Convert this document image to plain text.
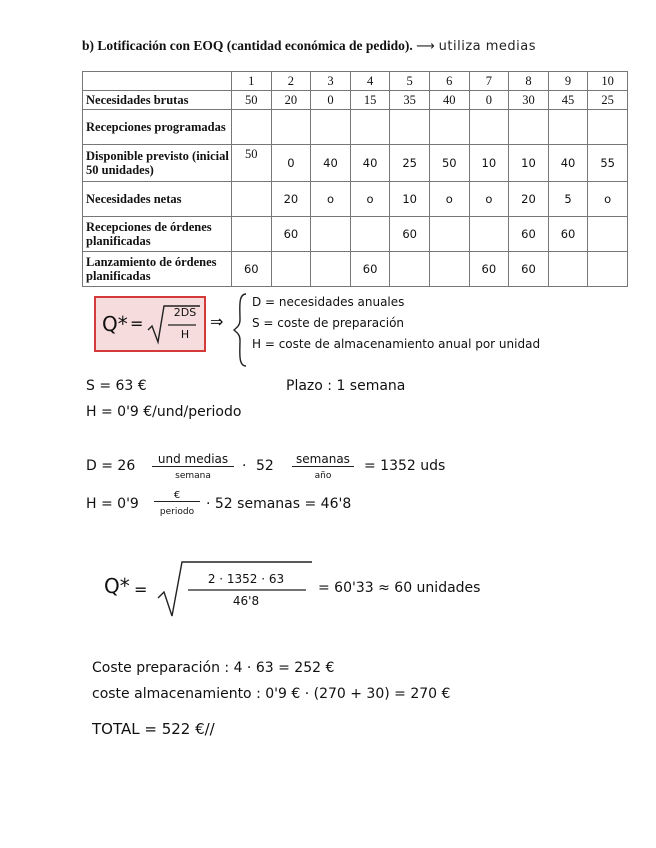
b) Lotificación con EOQ (cantidad económica de pedido). ⟶ utiliza medias
	1	2	3	4	5	6	7	8	9	10
Necesidades brutas	50	20	0	15	35	40	0	30	45	25
Recepciones programadas										
Disponible previsto (inicial 50 unidades)	50	0	40	40	25	50	10	10	40	55
Necesidades netas		20	o	o	10	o	o	20	5	o
Recepciones de órdenes planificadas		60			60			60	60	
Lanzamiento de órdenes planificadas	60			60			60	60		
Q* =
2DS
H
⇒
D = necesidades anuales
S = coste de preparación
H = coste de almacenamiento anual por unidad
S = 63 €	Plazo : 1 semana
H = 0'9 €/und/periodo
D = 26	und medias
semana
· 52	semanas
año
= 1352 uds
H = 0'9
€
periodo · 52 semanas = 46'8
Q* =
2 · 1352 · 63
46'8
= 60'33 ≈ 60 unidades
Coste preparación : 4 · 63 = 252 €
coste almacenamiento : 0'9 € · (270 + 30) = 270 €
TOTAL = 522 €//
